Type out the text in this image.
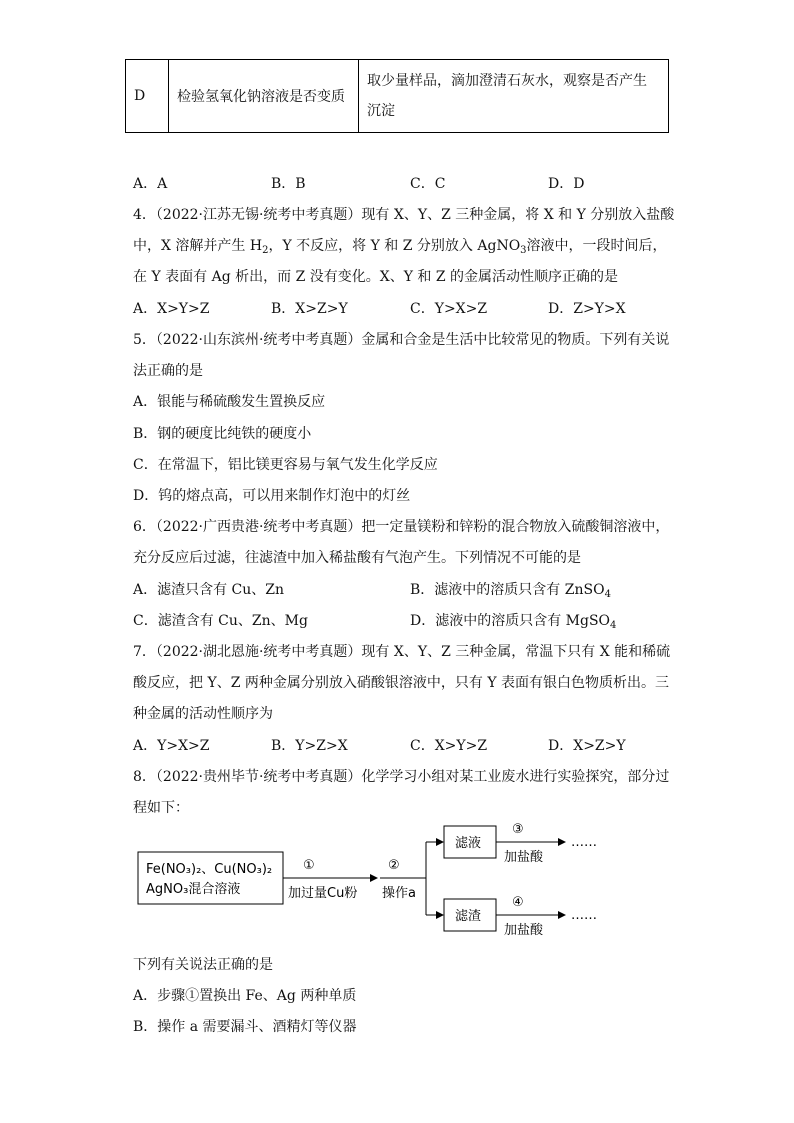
D	检验氢氧化钠溶液是否变质	取少量样品，滴加澄清石灰水，观察是否产生沉淀
A．A	B．B	C．C	D．D
4．（2022·江苏无锡·统考中考真题）现有 X、Y、Z 三种金属，将 X 和 Y 分别放入盐酸
中，X 溶解并产生 $H_2$，Y 不反应，将 Y 和 Z 分别放入 AgNO$_3$溶液中，一段时间后，
在 Y 表面有 Ag 析出，而 Z 没有变化。X、Y 和 Z 的金属活动性顺序正确的是
A．X>Y>Z	B．X>Z>Y	C．Y>X>Z	D．Z>Y>X
5．（2022·山东滨州·统考中考真题）金属和合金是生活中比较常见的物质。下列有关说
法正确的是
A．银能与稀硫酸发生置换反应
B．钢的硬度比纯铁的硬度小
C．在常温下，铝比镁更容易与氧气发生化学反应
D．钨的熔点高，可以用来制作灯泡中的灯丝
6．（2022·广西贵港·统考中考真题）把一定量镁粉和锌粉的混合物放入硫酸铜溶液中，
充分反应后过滤，往滤渣中加入稀盐酸有气泡产生。下列情况不可能的是
A．滤渣只含有 Cu、Zn	B．滤液中的溶质只含有 ZnSO$_4$
C．滤渣含有 Cu、Zn、Mg	D．滤液中的溶质只含有 MgSO$_4$
7．（2022·湖北恩施·统考中考真题）现有 X、Y、Z 三种金属，常温下只有 X 能和稀硫
酸反应，把 Y、Z 两种金属分别放入硝酸银溶液中，只有 Y 表面有银白色物质析出。三
种金属的活动性顺序为
A．Y>X>Z	B．Y>Z>X	C．X>Y>Z	D．X>Z>Y
8．（2022·贵州毕节·统考中考真题）化学学习小组对某工业废水进行实验探究，部分过
程如下：
Fe(NO₃)₂、Cu(NO₃)₂
AgNO₃混合溶液
①
加过量Cu粉
②
操作a
滤液
滤渣
③
加盐酸
……
④
加盐酸
……
下列有关说法正确的是
A．步骤①置换出 Fe、Ag 两种单质
B．操作 a 需要漏斗、酒精灯等仪器
